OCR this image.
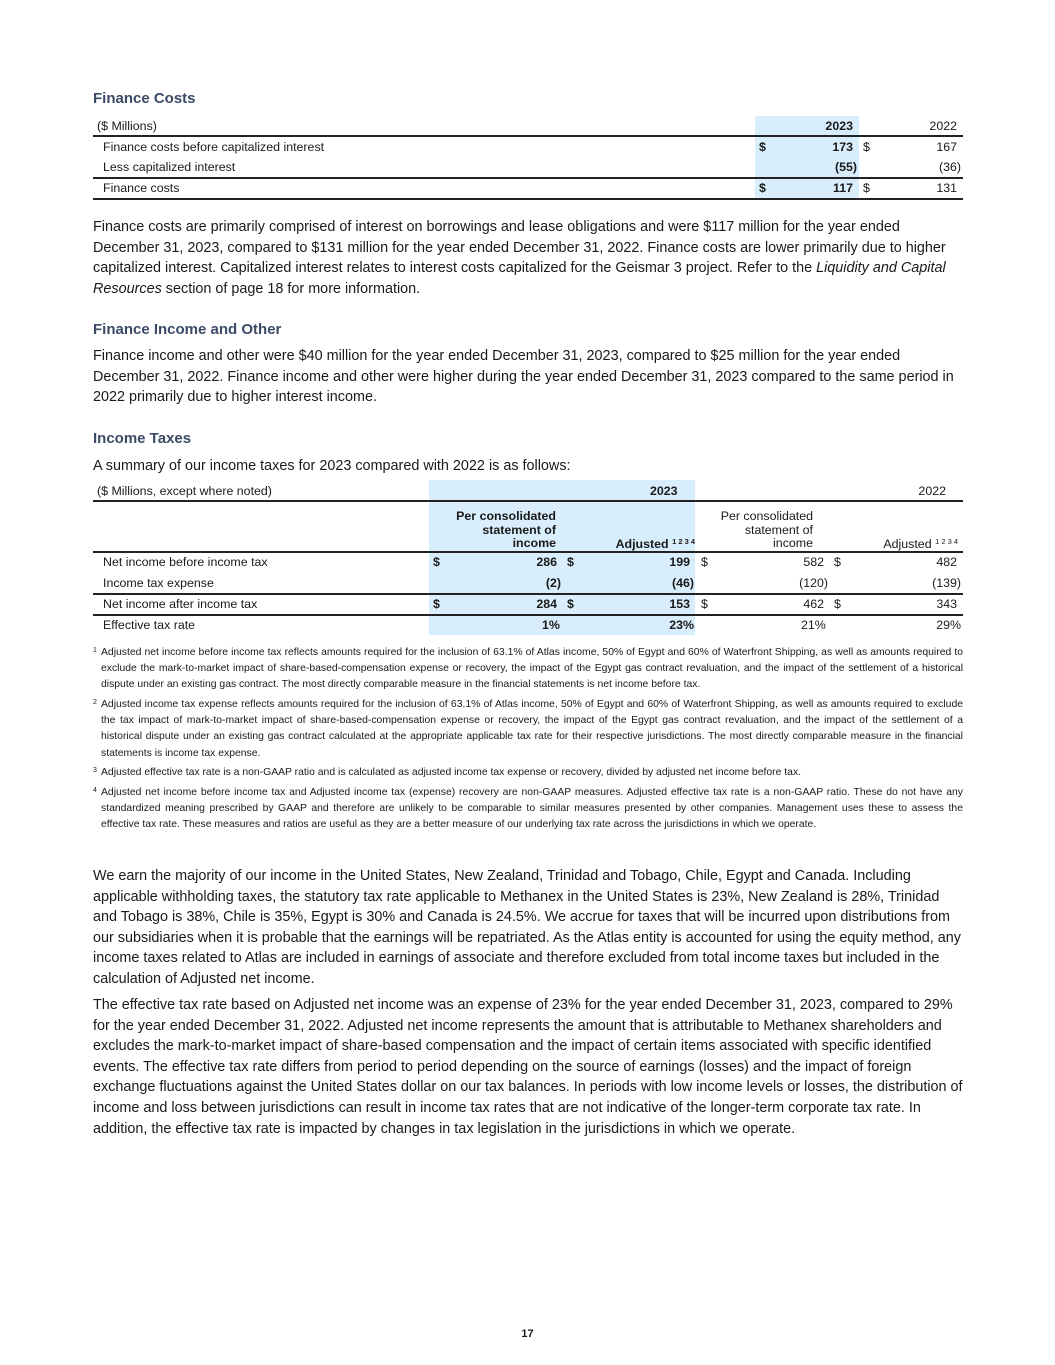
Finance Costs
($ Millions)	2023	2022
Finance costs before capitalized interest	$	173 $	167
Less capitalized interest	(55)	(36)
Finance costs	$	117 $	131

Finance costs are primarily comprised of interest on borrowings and lease obligations and were $117 million for the year ended December 31, 2023, compared to $131 million for the year ended December 31, 2022. Finance costs are lower primarily due to higher capitalized interest. Capitalized interest relates to interest costs capitalized for the Geismar 3 project. Refer to the Liquidity and Capital Resources section of page 18 for more information.

Finance Income and Other

Finance income and other were $40 million for the year ended December 31, 2023, compared to $25 million for the year ended December 31, 2022. Finance income and other were higher during the year ended December 31, 2023 compared to the same period in 2022 primarily due to higher interest income.

Income Taxes

A summary of our income taxes for 2023 compared with 2022 is as follows:

($ Millions, except where noted)	2023	2022
Per consolidated
statement of
income	Adjusted $^{1 2 3 4}$
Per consolidated
statement of
income	Adjusted $^{1 2 3 4}$
Net income before income tax	$	286 $	199 $	582 $	482
Income tax expense	(2)	(46)	(120)	(139)
Net income after income tax	$	284 $	153 $	462 $	343
Effective tax rate	1%	23%	21%	29%
1 Adjusted net income before income tax reflects amounts required for the inclusion of 63.1% of Atlas income, 50% of Egypt and 60% of Waterfront Shipping, as well as amounts required to exclude the mark-to-market impact of share-based-compensation expense or recovery, the impact of the Egypt gas contract revaluation, and the impact of the settlement of a historical dispute under an existing gas contract. The most directly comparable measure in the financial statements is net income before tax.
2 Adjusted income tax expense reflects amounts required for the inclusion of 63.1% of Atlas income, 50% of Egypt and 60% of Waterfront Shipping, as well as amounts required to exclude the tax impact of mark-to-market impact of share-based-compensation expense or recovery, the impact of the Egypt gas contract revaluation, and the impact of the settlement of a historical dispute under an existing gas contract calculated at the appropriate applicable tax rate for their respective jurisdictions. The most directly comparable measure in the financial statements is income tax expense.
3 Adjusted effective tax rate is a non-GAAP ratio and is calculated as adjusted income tax expense or recovery, divided by adjusted net income before tax.
4 Adjusted net income before income tax and Adjusted income tax (expense) recovery are non-GAAP measures. Adjusted effective tax rate is a non-GAAP ratio. These do not have any standardized meaning prescribed by GAAP and therefore are unlikely to be comparable to similar measures presented by other companies. Management uses these to assess the effective tax rate. These measures and ratios are useful as they are a better measure of our underlying tax rate across the jurisdictions in which we operate.

We earn the majority of our income in the United States, New Zealand, Trinidad and Tobago, Chile, Egypt and Canada. Including applicable withholding taxes, the statutory tax rate applicable to Methanex in the United States is 23%, New Zealand is 28%, Trinidad and Tobago is 38%, Chile is 35%, Egypt is 30% and Canada is 24.5%. We accrue for taxes that will be incurred upon distributions from our subsidiaries when it is probable that the earnings will be repatriated. As the Atlas entity is accounted for using the equity method, any income taxes related to Atlas are included in earnings of associate and therefore excluded from total income taxes but included in the calculation of Adjusted net income.

The effective tax rate based on Adjusted net income was an expense of 23% for the year ended December 31, 2023, compared to 29% for the year ended December 31, 2022. Adjusted net income represents the amount that is attributable to Methanex shareholders and excludes the mark-to-market impact of share-based compensation and the impact of certain items associated with specific identified events. The effective tax rate differs from period to period depending on the source of earnings (losses) and the impact of foreign exchange fluctuations against the United States dollar on our tax balances. In periods with low income levels or losses, the distribution of income and loss between jurisdictions can result in income tax rates that are not indicative of the longer-term corporate tax rate. In addition, the effective tax rate is impacted by changes in tax legislation in the jurisdictions in which we operate.

17
